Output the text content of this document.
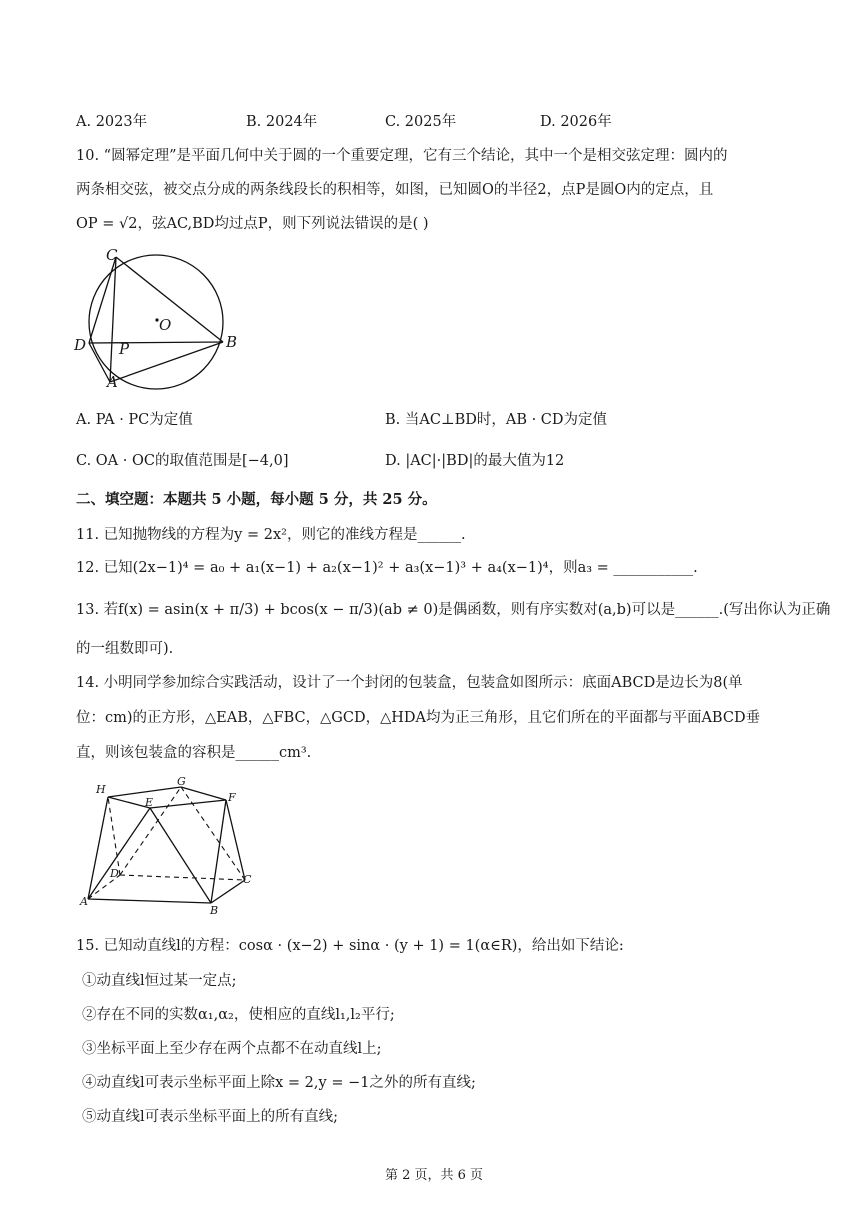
A. 2023年	B. 2024年	C. 2025年	D. 2026年
10. “圆幂定理”是平面几何中关于圆的一个重要定理，它有三个结论，其中一个是相交弦定理：圆内的
两条相交弦，被交点分成的两条线段长的积相等，如图，已知圆O的半径2，点P是圆O内的定点，且
OP = √2，弦AC,BD均过点P，则下列说法错误的是( )
C
O
D P	B
A
A. PA · PC为定值	B. 当AC⊥BD时，AB · CD为定值
C. OA · OC的取值范围是[−4,0]	D. |AC|·|BD|的最大值为12
二、填空题：本题共 5 小题，每小题 5 分，共 25 分。
11. 已知抛物线的方程为y = 2x²，则它的准线方程是______.
12. 已知(2x−1)⁴ = a₀ + a₁(x−1) + a₂(x−1)² + a₃(x−1)³ + a₄(x−1)⁴，则a₃ = ___________.
13. 若f(x) = asin(x + π/3) + bcos(x − π/3)(ab ≠ 0)是偶函数，则有序实数对(a,b)可以是______.(写出你认为正确
的一组数即可).
14. 小明同学参加综合实践活动，设计了一个封闭的包装盒，包装盒如图所示：底面ABCD是边长为8(单
位：cm)的正方形，△EAB，△FBC，△GCD，△HDA均为正三角形，且它们所在的平面都与平面ABCD垂
直，则该包装盒的容积是______cm³.
H
G
E	F
D	C
A
B
15. 已知动直线l的方程：cosα · (x−2) + sinα · (y + 1) = 1(α∈R)，给出如下结论:
①动直线l恒过某一定点;
②存在不同的实数α₁,α₂，使相应的直线l₁,l₂平行;
③坐标平面上至少存在两个点都不在动直线l上;
④动直线l可表示坐标平面上除x = 2,y = −1之外的所有直线;
⑤动直线l可表示坐标平面上的所有直线;
第 2 页，共 6 页
